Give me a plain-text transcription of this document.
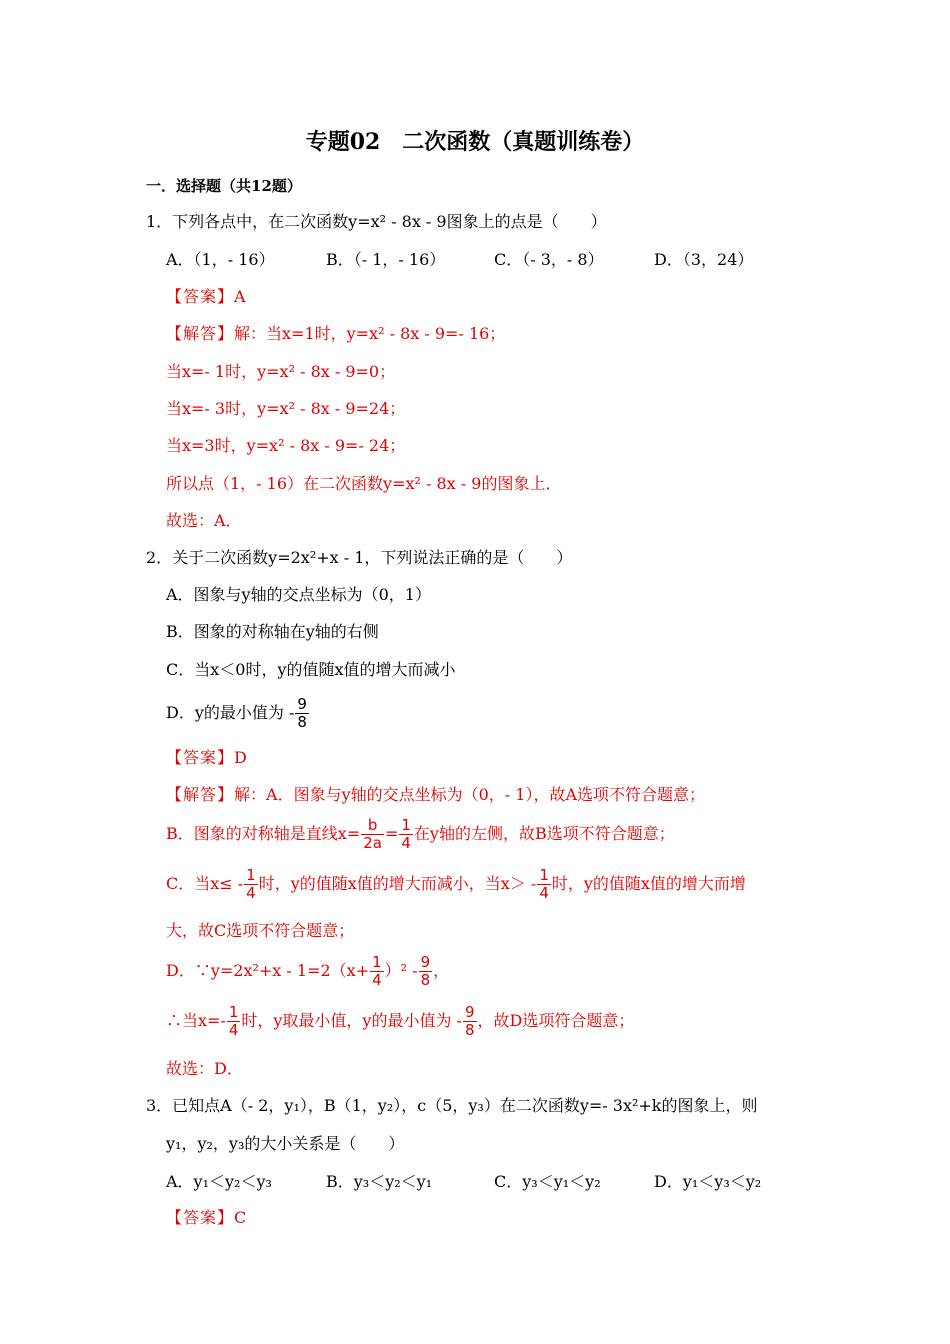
专题02　二次函数（真题训练卷）
一．选择题（共12题）
1．下列各点中，在二次函数y=x² - 8x - 9图象上的点是（　　）
A．（1，- 16）	B．（- 1，- 16）	C．（- 3，- 8）	D．（3，24）
【答案】A
【解答】解：当x=1时，y=x² - 8x - 9=- 16；
当x=- 1时，y=x² - 8x - 9=0；
当x=- 3时，y=x² - 8x - 9=24；
当x=3时，y=x² - 8x - 9=- 24；
所以点（1，- 16）在二次函数y=x² - 8x - 9的图象上．
故选：A．
2．关于二次函数y=2x²+x - 1，下列说法正确的是（　　）
A．图象与y轴的交点坐标为（0，1）
B．图象的对称轴在y轴的右侧
C．当x＜0时，y的值随x值的增大而减小
D．y的最小值为 - $\frac{9}{8}$
【答案】D
【解答】解：A．图象与y轴的交点坐标为（0，- 1），故A选项不符合题意；
B．图象的对称轴是直线$x= \frac{b}{2a} = \frac{1}{4}$ 在y轴的左侧，故B选项不符合题意；
C．当$x\le - \frac{1}{4}$ 时，y的值随x值的增大而减小，当$x> - \frac{1}{4}$ 时，y的值随x值的增大而增
大，故C选项不符合题意；
D．∵y=2x²+x - $1=2(x+ \frac{1}{4} )^2 - \frac{9}{8}$ ，
∴当$x=- \frac{1}{4}$ 时，y取最小值，y的最小值为 - $\frac{9}{8}$ ，故D选项符合题意；
故选：D．
3．已知点A（- 2，y₁），B（1，y₂），c（5，y₃）在二次函数y=- 3x²+k的图象上，则
y₁，y₂，y₃的大小关系是（　　）
A．y₁＜y₂＜y₃	B．y₃＜y₂＜y₁	C．y₃＜y₁＜y₂	D．y₁＜y₃＜y₂
【答案】C
